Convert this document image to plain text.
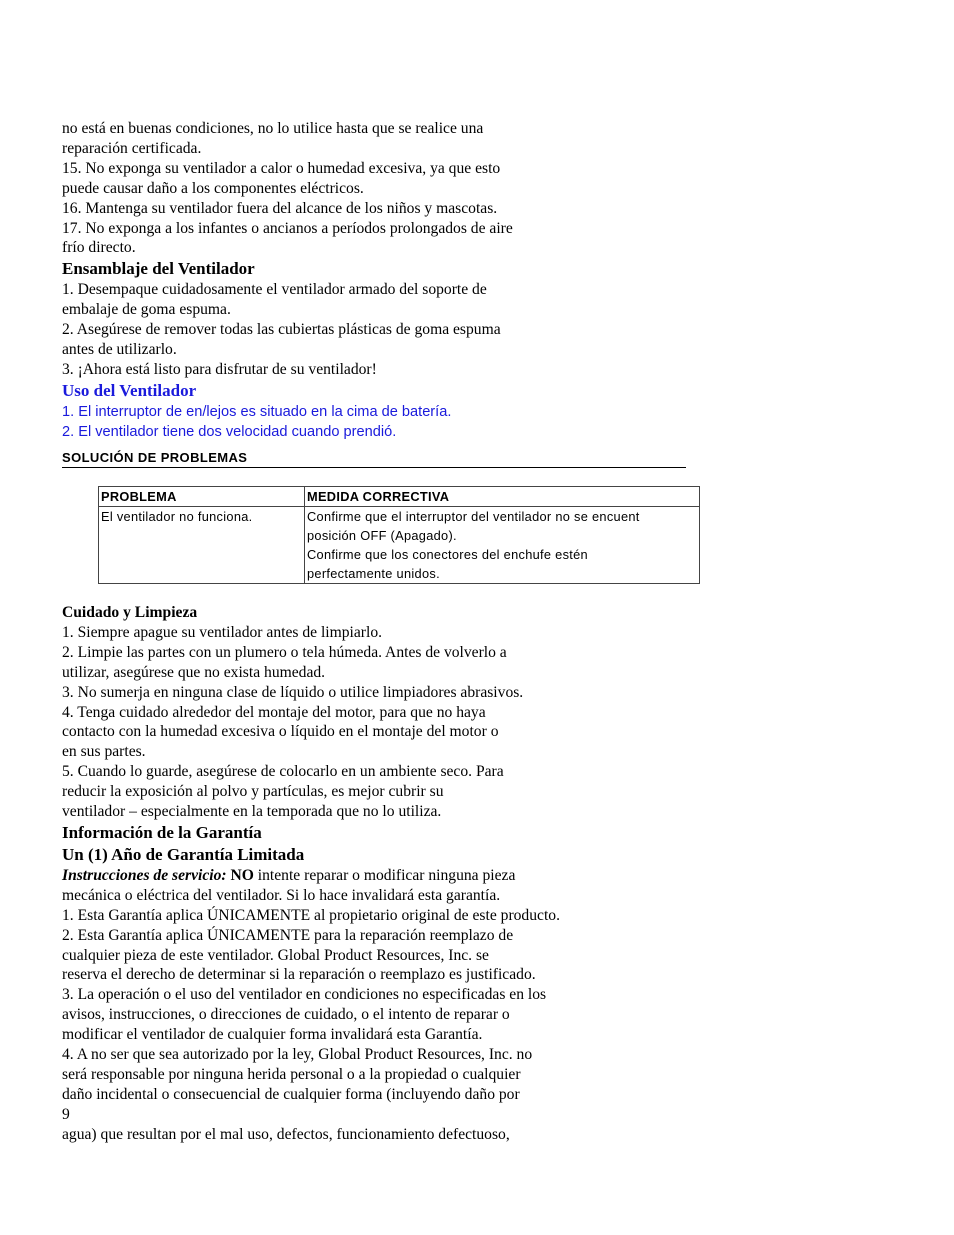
no está en buenas condiciones, no lo utilice hasta que se realice una

reparación certificada.

15. No exponga su ventilador a calor o humedad excesiva, ya que esto

puede causar daño a los componentes eléctricos.

16. Mantenga su ventilador fuera del alcance de los niños y mascotas.

17. No exponga a los infantes o ancianos a períodos prolongados de aire

frío directo.

Ensamblaje del Ventilador

1. Desempaque cuidadosamente el ventilador armado del soporte de

embalaje de goma espuma.

2. Asegúrese de remover todas las cubiertas plásticas de goma espuma

antes de utilizarlo.

3. ¡Ahora está listo para disfrutar de su ventilador!

Uso del Ventilador

1. El interruptor de en/lejos es situado en la cima de batería.

2. El ventilador tiene dos velocidad cuando prendió.

SOLUCIÓN DE PROBLEMAS
PROBLEMA	MEDIDA CORRECTIVA

El ventilador no funciona.	Confirme que el interruptor del ventilador no se encuent
posición OFF (Apagado).
Confirme que los conectores del enchufe estén
perfectamente unidos.

Cuidado y Limpieza

1. Siempre apague su ventilador antes de limpiarlo.

2. Limpie las partes con un plumero o tela húmeda. Antes de volverlo a

utilizar, asegúrese que no exista humedad.

3. No sumerja en ninguna clase de líquido o utilice limpiadores abrasivos.

4. Tenga cuidado alrededor del montaje del motor, para que no haya

contacto con la humedad excesiva o líquido en el montaje del motor o

en sus partes.

5. Cuando lo guarde, asegúrese de colocarlo en un ambiente seco. Para

reducir la exposición al polvo y partículas, es mejor cubrir su

ventilador – especialmente en la temporada que no lo utiliza.

Información de la Garantía

Un (1) Año de Garantía Limitada

Instrucciones de servicio: NO intente reparar o modificar ninguna pieza

mecánica o eléctrica del ventilador. Si lo hace invalidará esta garantía.

1. Esta Garantía aplica ÚNICAMENTE al propietario original de este producto.

2. Esta Garantía aplica ÚNICAMENTE para la reparación reemplazo de

cualquier pieza de este ventilador. Global Product Resources, Inc. se

reserva el derecho de determinar si la reparación o reemplazo es justificado.

3. La operación o el uso del ventilador en condiciones no especificadas en los

avisos, instrucciones, o direcciones de cuidado, o el intento de reparar o

modificar el ventilador de cualquier forma invalidará esta Garantía.

4. A no ser que sea autorizado por la ley, Global Product Resources, Inc. no

será responsable por ninguna herida personal o a la propiedad o cualquier

daño incidental o consecuencial de cualquier forma (incluyendo daño por

9

agua) que resultan por el mal uso, defectos, funcionamiento defectuoso,
